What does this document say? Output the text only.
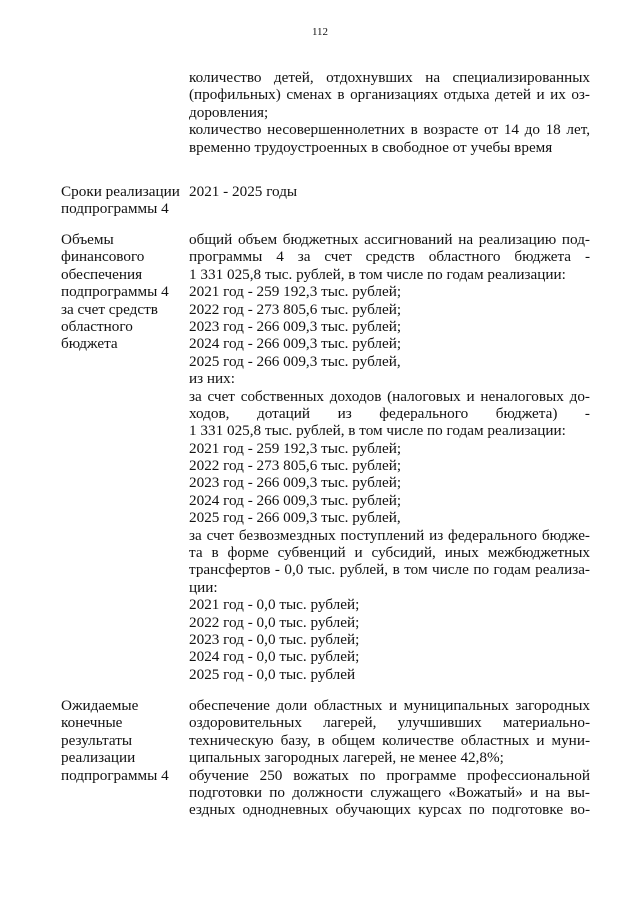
112
количество детей, отдохнувших на специализированных
(профильных) сменах в организациях отдыха детей и их оз-
доровления;
количество несовершеннолетних в возрасте от 14 до 18 лет,
временно трудоустроенных в свободное от учебы время
Сроки реализации
подпрограммы 4
2021 - 2025 годы
Объемы
финансового
обеспечения
подпрограммы 4
за счет средств
областного
бюджета
общий объем бюджетных ассигнований на реализацию под-
программы 4 за счет средств областного бюджета -
1 331 025,8 тыс. рублей, в том числе по годам реализации:
2021 год - 259 192,3 тыс. рублей;
2022 год - 273 805,6 тыс. рублей;
2023 год - 266 009,3 тыс. рублей;
2024 год - 266 009,3 тыс. рублей;
2025 год - 266 009,3 тыс. рублей,
из них:
за счет собственных доходов (налоговых и неналоговых до-
ходов, дотаций из федерального бюджета) -
1 331 025,8 тыс. рублей, в том числе по годам реализации:
2021 год - 259 192,3 тыс. рублей;
2022 год - 273 805,6 тыс. рублей;
2023 год - 266 009,3 тыс. рублей;
2024 год - 266 009,3 тыс. рублей;
2025 год - 266 009,3 тыс. рублей,
за счет безвозмездных поступлений из федерального бюдже-
та в форме субвенций и субсидий, иных межбюджетных
трансфертов - 0,0 тыс. рублей, в том числе по годам реализа-
ции:
2021 год - 0,0 тыс. рублей;
2022 год - 0,0 тыс. рублей;
2023 год - 0,0 тыс. рублей;
2024 год - 0,0 тыс. рублей;
2025 год - 0,0 тыс. рублей
Ожидаемые
конечные
результаты
реализации
подпрограммы 4
обеспечение доли областных и муниципальных загородных
оздоровительных лагерей, улучшивших материально-
техническую базу, в общем количестве областных и муни-
ципальных загородных лагерей, не менее 42,8%;
обучение 250 вожатых по программе профессиональной
подготовки по должности служащего «Вожатый» и на вы-
ездных однодневных обучающих курсах по подготовке во-
